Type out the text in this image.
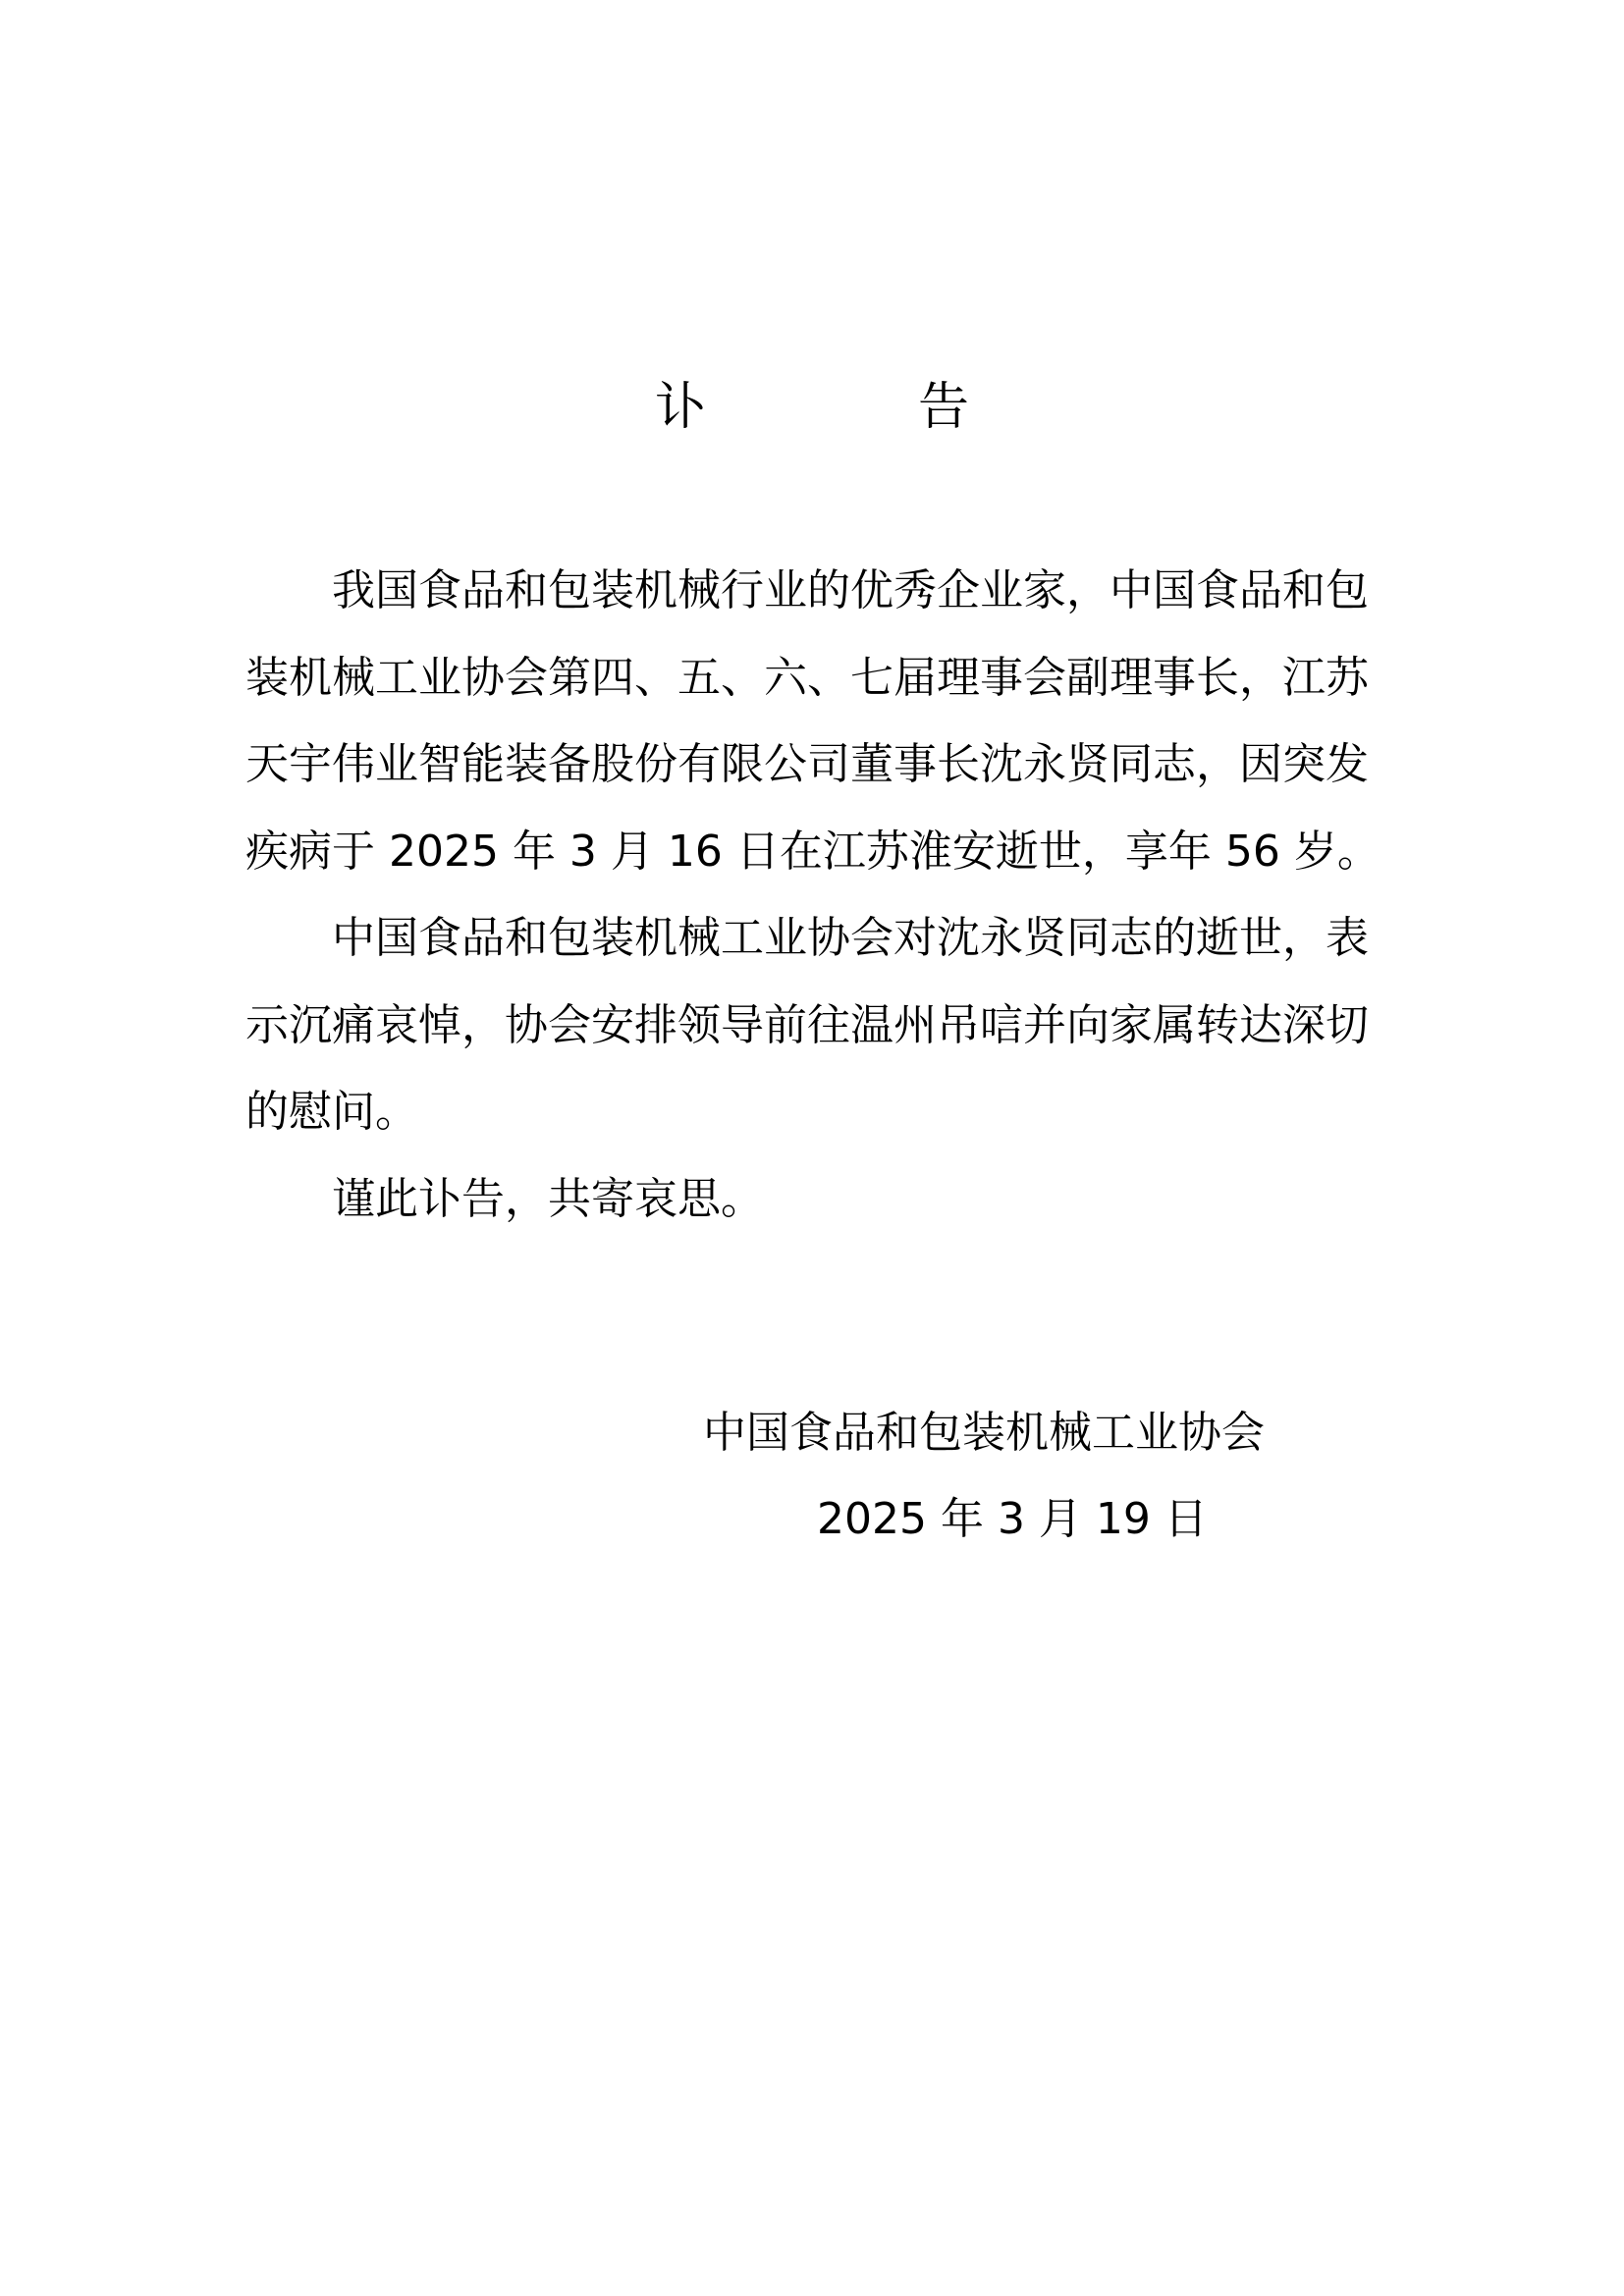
讣　告
我国食品和包装机械行业的优秀企业家，中国食品和包
装机械工业协会第四、五、六、七届理事会副理事长，江苏
天宇伟业智能装备股份有限公司董事长沈永贤同志，因突发
疾病于 2025 年 3 月 16 日在江苏淮安逝世，享年 56 岁。
中国食品和包装机械工业协会对沈永贤同志的逝世，表
示沉痛哀悼，协会安排领导前往温州吊唁并向家属转达深切
的慰问。
谨此讣告，共寄哀思。
中国食品和包装机械工业协会
2025 年 3 月 19 日
